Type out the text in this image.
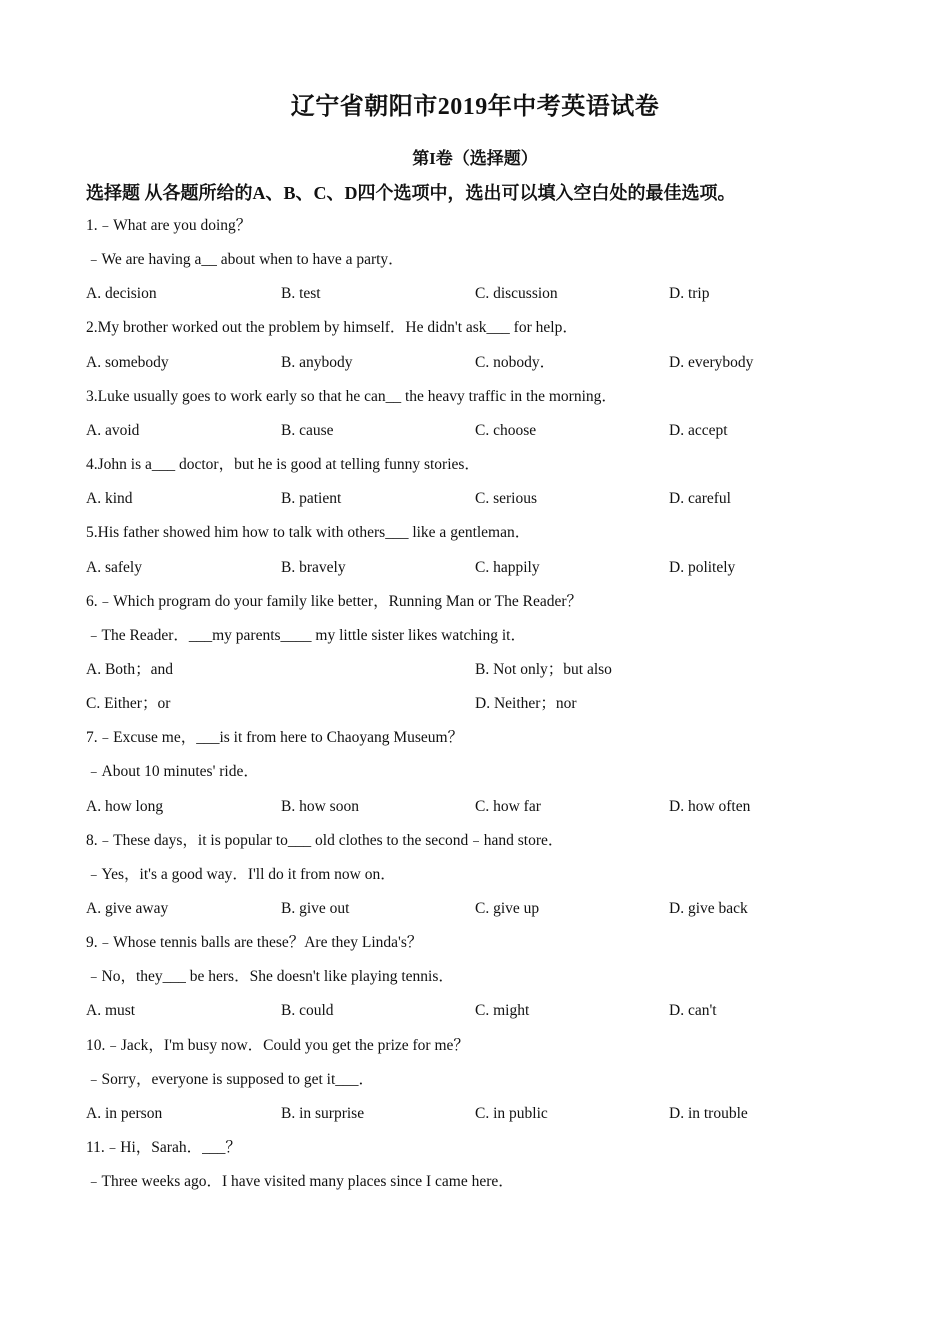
辽宁省朝阳市2019年中考英语试卷
第I卷（选择题）
选择题 从各题所给的A、B、C、D四个选项中，选出可以填入空白处的最佳选项。
1.﹣What are you doing？
﹣We are having a__ about when to have a party．
A. decision	B. test	C. discussion	D. trip
2.My brother worked out the problem by himself．He didn't ask___ for help．
A. somebody	B. anybody	C. nobody．	D. everybody
3.Luke usually goes to work early so that he can__ the heavy traffic in the morning．
A. avoid	B. cause	C. choose	D. accept
4.John is a___ doctor，but he is good at telling funny stories．
A. kind	B. patient	C. serious	D. careful
5.His father showed him how to talk with others___ like a gentleman．
A. safely	B. bravely	C. happily	D. politely
6.﹣Which program do your family like better，Running Man or The Reader？
﹣The Reader．___my parents____ my little sister likes watching it．
A. Both；and	B. Not only；but also
C. Either；or	D. Neither；nor
7.﹣Excuse me，___is it from here to Chaoyang Museum？
﹣About 10 minutes' ride．
A. how long	B. how soon	C. how far	D. how often
8.﹣These days，it is popular to___ old clothes to the second﹣hand store．
﹣Yes，it's a good way．I'll do it from now on．
A. give away	B. give out	C. give up	D. give back
9.﹣Whose tennis balls are these？Are they Linda's？
﹣No，they___ be hers．She doesn't like playing tennis．
A. must	B. could	C. might	D. can't
10.﹣Jack，I'm busy now．Could you get the prize for me？
﹣Sorry，everyone is supposed to get it___．
A. in person	B. in surprise	C. in public	D. in trouble
11.﹣Hi，Sarah．___？
﹣Three weeks ago．I have visited many places since I came here．
